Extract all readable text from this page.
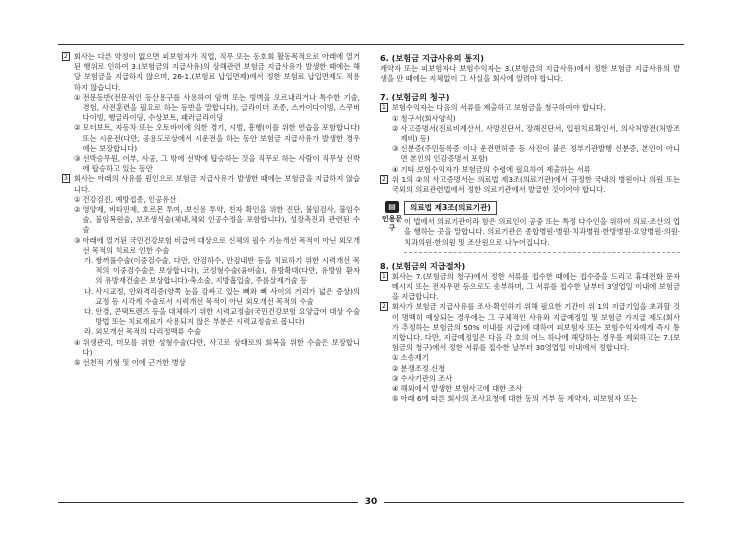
2 회사는 다른 약정이 없으면 피보험자가 직업, 직무 또는 동호회 활동목적으로 아래에 열거된 행위로 인하여 3.(보험금의 지급사유)의 상해관련 보험금 지급사유가 발생한 때에는 해당 보험금을 지급하지 않으며, 26-1.(보험료 납입면제)에서 정한 보험료 납입면제도 적용하지 않습니다.

① 전문등반(전문적인 등산용구를 사용하여 암벽 또는 빙벽을 오르내리거나 특수한 기술, 경험, 사전훈련을 필요로 하는 등반을 말합니다), 글라이더 조종, 스카이다이빙, 스쿠버다이빙, 행글라이딩, 수상보트, 패러글라이딩

② 모터보트, 자동차 또는 오토바이에 의한 경기, 시범, 흥행(이를 위한 연습을 포함합니다) 또는 시운전(다만, 공용도로상에서 시운전을 하는 동안 보험금 지급사유가 발생한 경우에는 보장합니다)

③ 선박승무원, 어부, 사공, 그 밖에 선박에 탑승하는 것을 직무로 하는 사람이 직무상 선박에 탑승하고 있는 동안

3 회사는 아래의 사유를 원인으로 보험금 지급사유가 발생한 때에는 보험금을 지급하지 않습니다.

① 건강검진, 예방접종, 인공유산

② 영양제, 비타민제, 호르몬 투여, 보신용 투약, 친자 확인을 위한 진단, 불임검사, 불임수술, 불임복원술, 보조생식술(체내,체외 인공수정을 포함합니다), 성장촉진과 관련된 수술

③ 아래에 열거된 국민건강보험 비급여 대상으로 신체의 필수 기능개선 목적이 아닌 외모개선 목적의 치료로 인한 수술

가. 쌍꺼풀수술(이중검수술, 다만, 안검하수, 안검내반 등을 치료하기 위한 시력개선 목적의 이중검수술은 보상합니다), 코성형수술(융비술), 유방확대(다만, 유방암 환자의 유방재건술은 보상합니다)·축소술, 지방흡입술, 주름살제거술 등

나. 사시교정, 안와격리증(양쪽 눈을 감싸고 있는 뼈와 뼈 사이의 거리가 넓은 증상)의 교정 등 시각계 수술로서 시력개선 목적이 아닌 외모개선 목적의 수술

다. 안경, 콘택트렌즈 등을 대체하기 위한 시력교정술(국민건강보험 요양급여 대상 수술방법 또는 치료재료가 사용되지 않은 부분은 시력교정술로 봅니다)

라. 외모개선 목적의 다리정맥류 수술

④ 위생관리, 미모를 위한 성형수술(다만, 사고로 상태로의 회복을 위한 수술은 보장합니다)

⑤ 선천적 기형 및 이에 근거한 병상

6. (보험금 지급사유의 통지)

계약자 또는 피보험자나 보험수익자는 3.(보험금의 지급사유)에서 정한 보험금 지급사유의 발생을 안 때에는 지체없이 그 사실을 회사에 알려야 합니다.

7. (보험금의 청구)

1 보험수익자는 다음의 서류를 제출하고 보험금을 청구하여야 합니다.

① 청구서(회사양식)

② 사고증명서(진료비계산서, 사망진단서, 장해진단서, 입원치료확인서, 의사처방전(처방조제비) 등)

③ 신분증(주민등록증 이나 운전면허증 등 사진이 붙은 정부기관발행 신분증, 본인이 아니면 본인의 인감증명서 포함)

④ 기타 보험수익자가 보험금의 수령에 필요하여 제출하는 서류

2 위 1의 ②의 사고증명서는 의료법 제3조(의료기관)에서 규정한 국내의 병원이나 의원 또는 국외의 의료관련법에서 정한 의료기관에서 발급한 것이어야 합니다.

▤
인용문구
의료법 제3조(의료기관)

이 법에서 의료기관이라 함은 의료인이 공중 또는 특정 다수인을 위하여 의료·조산의 업을 행하는 곳을 말합니다. 의료기관은 종합병원·병원·치과병원·한방병원·요양병원·의원·치과의원·한의원 및 조산원으로 나누어집니다.

8. (보험금의 지급절차)

1 회사는 7.(보험금의 청구)에서 정한 서류를 접수한 때에는 접수증을 드리고 휴대전화 문자메시지 또는 전자우편 등으로도 송부하며, 그 서류를 접수한 날부터 3영업일 이내에 보험금을 지급합니다.

2 회사가 보험금 지급사유를 조사·확인하기 위해 필요한 기간이 위 1의 지급기일을 초과할 것이 명백히 예상되는 경우에는 그 구체적인 사유와 지급예정일 및 보험금 가지급 제도(회사가 추정하는 보험금의 50% 이내를 지급)에 대하여 피보험자 또는 보험수익자에게 즉시 통지합니다. 다만, 지급예정일은 다음 각 호의 어느 하나에 해당하는 경우를 제외하고는 7.(보험금의 청구)에서 정한 서류를 접수한 날부터 30영업일 이내에서 정합니다.

① 소송제기

② 분쟁조정 신청

③ 수사기관의 조사

④ 해외에서 발생한 보험사고에 대한 조사

⑤ 아래 6에 따른 회사의 조사요청에 대한 동의 거부 등 계약자, 피보험자 또는

30
